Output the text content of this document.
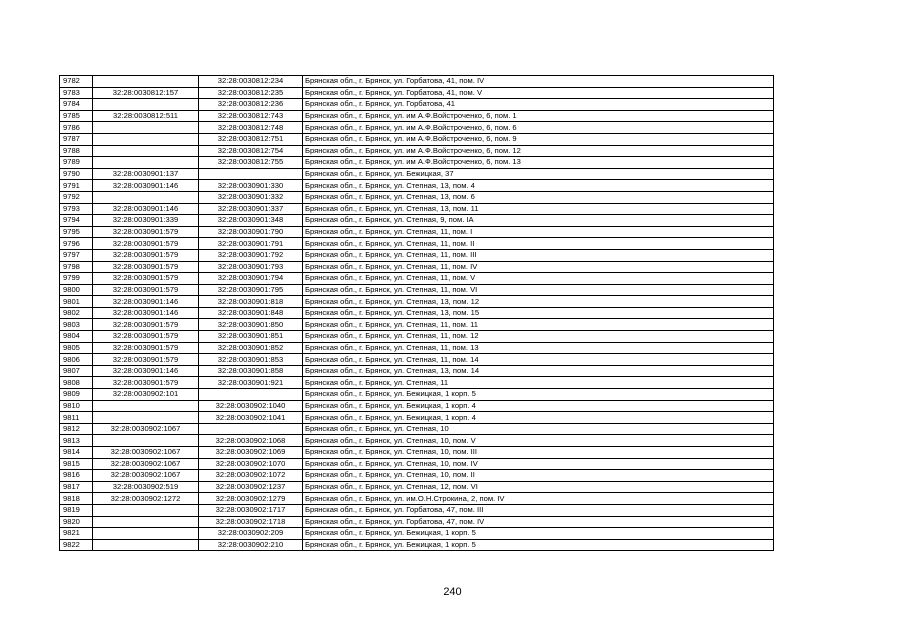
9782		32:28:0030812:234	Брянская обл., г. Брянск, ул. Горбатова, 41, пом. IV
9783	32:28:0030812:157	32:28:0030812:235	Брянская обл., г. Брянск, ул. Горбатова, 41, пом. V
9784		32:28:0030812:236	Брянская обл., г. Брянск, ул. Горбатова, 41
9785	32:28:0030812:511	32:28:0030812:743	Брянская обл., г. Брянск, ул. им А.Ф.Войстроченко, 6, пом. 1
9786		32:28:0030812:748	Брянская обл., г. Брянск, ул. им А.Ф.Войстроченко, 6, пом. 6
9787		32:28:0030812:751	Брянская обл., г. Брянск, ул. им А.Ф.Войстроченко, 6, пом. 9
9788		32:28:0030812:754	Брянская обл., г. Брянск, ул. им А.Ф.Войстроченко, 6, пом. 12
9789		32:28:0030812:755	Брянская обл., г. Брянск, ул. им А.Ф.Войстроченко, 6, пом. 13
9790	32:28:0030901:137		Брянская обл., г. Брянск, ул. Бежицкая, 37
9791	32:28:0030901:146	32:28:0030901:330	Брянская обл., г. Брянск, ул. Степная, 13, пом. 4
9792		32:28:0030901:332	Брянская обл., г. Брянск, ул. Степная, 13, пом. 6
9793	32:28:0030901:146	32:28:0030901:337	Брянская обл., г. Брянск, ул. Степная, 13, пом. 11
9794	32:28:0030901:339	32:28:0030901:348	Брянская обл., г. Брянск, ул. Степная, 9, пом. IA
9795	32:28:0030901:579	32:28:0030901:790	Брянская обл., г. Брянск, ул. Степная, 11, пом. I
9796	32:28:0030901:579	32:28:0030901:791	Брянская обл., г. Брянск, ул. Степная, 11, пом. II
9797	32:28:0030901:579	32:28:0030901:792	Брянская обл., г. Брянск, ул. Степная, 11, пом. III
9798	32:28:0030901:579	32:28:0030901:793	Брянская обл., г. Брянск, ул. Степная, 11, пом. IV
9799	32:28:0030901:579	32:28:0030901:794	Брянская обл., г. Брянск, ул. Степная, 11, пом. V
9800	32:28:0030901:579	32:28:0030901:795	Брянская обл., г. Брянск, ул. Степная, 11, пом. VI
9801	32:28:0030901:146	32:28:0030901:818	Брянская обл., г. Брянск, ул. Степная, 13, пом. 12
9802	32:28:0030901:146	32:28:0030901:848	Брянская обл., г. Брянск, ул. Степная, 13, пом. 15
9803	32:28:0030901:579	32:28:0030901:850	Брянская обл., г. Брянск, ул. Степная, 11, пом. 11
9804	32:28:0030901:579	32:28:0030901:851	Брянская обл., г. Брянск, ул. Степная, 11, пом. 12
9805	32:28:0030901:579	32:28:0030901:852	Брянская обл., г. Брянск, ул. Степная, 11, пом. 13
9806	32:28:0030901:579	32:28:0030901:853	Брянская обл., г. Брянск, ул. Степная, 11, пом. 14
9807	32:28:0030901:146	32:28:0030901:858	Брянская обл., г. Брянск, ул. Степная, 13, пом. 14
9808	32:28:0030901:579	32:28:0030901:921	Брянская обл., г. Брянск, ул. Степная, 11
9809	32:28:0030902:101		Брянская обл., г. Брянск, ул. Бежицкая, 1 корп. 5
9810		32:28:0030902:1040	Брянская обл., г. Брянск, ул. Бежицкая, 1 корп. 4
9811		32:28:0030902:1041	Брянская обл., г. Брянск, ул. Бежицкая, 1 корп. 4
9812	32:28:0030902:1067		Брянская обл., г. Брянск, ул. Степная, 10
9813		32:28:0030902:1068	Брянская обл., г. Брянск, ул. Степная, 10, пом. V
9814	32:28:0030902:1067	32:28:0030902:1069	Брянская обл., г. Брянск, ул. Степная, 10, пом. III
9815	32:28:0030902:1067	32:28:0030902:1070	Брянская обл., г. Брянск, ул. Степная, 10, пом. IV
9816	32:28:0030902:1067	32:28:0030902:1072	Брянская обл., г. Брянск, ул. Степная, 10, пом. II
9817	32:28:0030902:519	32:28:0030902:1237	Брянская обл., г. Брянск, ул. Степная, 12, пом. VI
9818	32:28:0030902:1272	32:28:0030902:1279	Брянская обл., г. Брянск, ул. им.О.Н.Строкина, 2, пом. IV
9819		32:28:0030902:1717	Брянская обл., г. Брянск, ул. Горбатова, 47, пом. III
9820		32:28:0030902:1718	Брянская обл., г. Брянск, ул. Горбатова, 47, пом. IV
9821		32:28:0030902:209	Брянская обл., г. Брянск, ул. Бежицкая, 1 корп. 5
9822		32:28:0030902:210	Брянская обл., г. Брянск, ул. Бежицкая, 1 корп. 5
240
